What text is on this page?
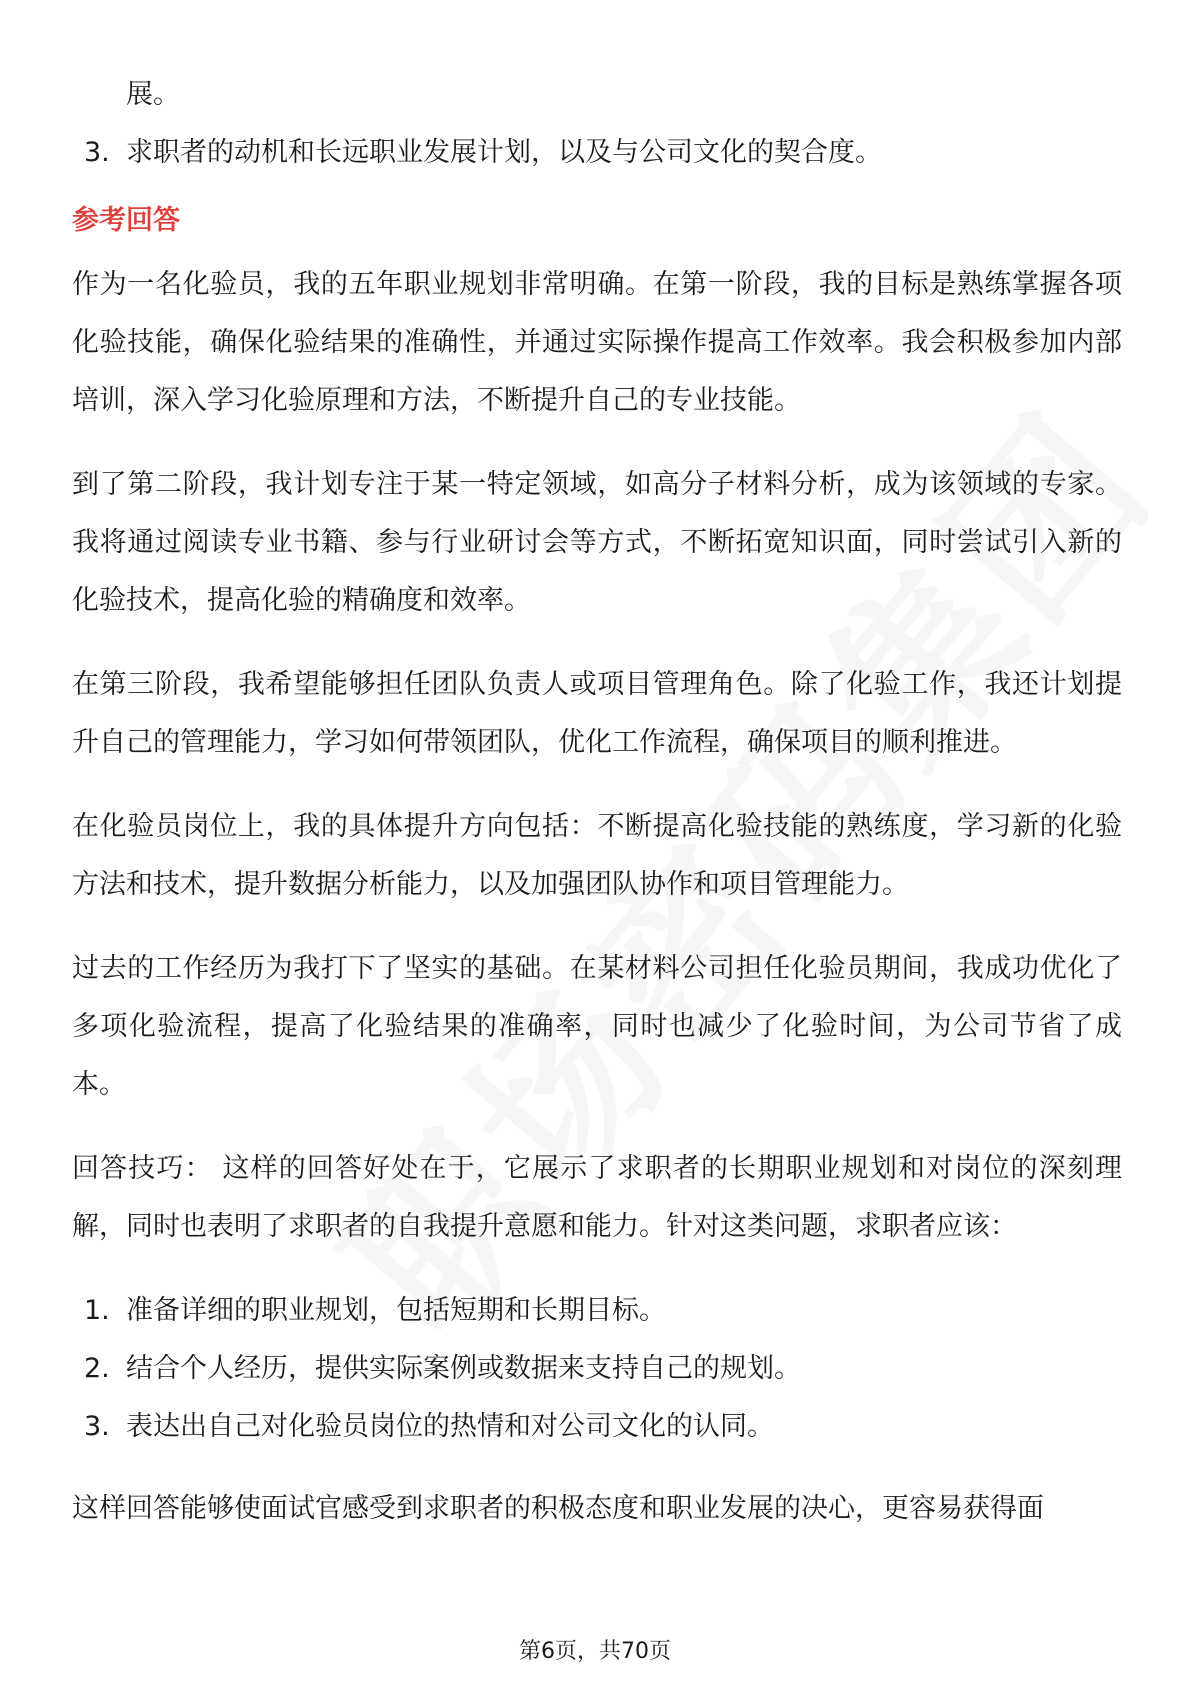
展。
3. 求职者的动机和长远职业发展计划，以及与公司文化的契合度。
参考回答

作为一名化验员，我的五年职业规划非常明确。在第一阶段，我的目标是熟练掌握各项化验技能，确保化验结果的准确性，并通过实际操作提高工作效率。我会积极参加内部培训，深入学习化验原理和方法，不断提升自己的专业技能。

到了第二阶段，我计划专注于某一特定领域，如高分子材料分析，成为该领域的专家。我将通过阅读专业书籍、参与行业研讨会等方式，不断拓宽知识面，同时尝试引入新的化验技术，提高化验的精确度和效率。

在第三阶段，我希望能够担任团队负责人或项目管理角色。除了化验工作，我还计划提升自己的管理能力，学习如何带领团队，优化工作流程，确保项目的顺利推进。

在化验员岗位上，我的具体提升方向包括：不断提高化验技能的熟练度，学习新的化验方法和技术，提升数据分析能力，以及加强团队协作和项目管理能力。

过去的工作经历为我打下了坚实的基础。在某材料公司担任化验员期间，我成功优化了多项化验流程，提高了化验结果的准确率，同时也减少了化验时间，为公司节省了成本。

回答技巧： 这样的回答好处在于，它展示了求职者的长期职业规划和对岗位的深刻理解，同时也表明了求职者的自我提升意愿和能力。针对这类问题，求职者应该：

1. 准备详细的职业规划，包括短期和长期目标。
2. 结合个人经历，提供实际案例或数据来支持自己的规划。
3. 表达出自己对化验员岗位的热情和对公司文化的认同。

这样回答能够使面试官感受到求职者的积极态度和职业发展的决心，更容易获得面

第6页，共70页
